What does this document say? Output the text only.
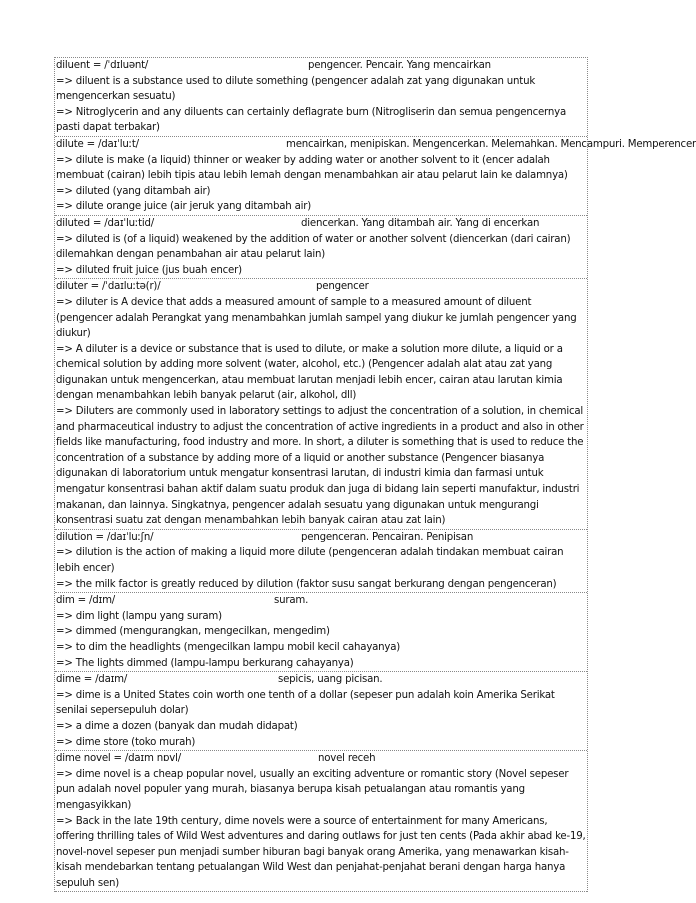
diluent = /ˈdɪluənt/	pengencer. Pencair. Yang mencairkan
=> diluent is a substance used to dilute something (pengencer adalah zat yang digunakan untuk mengencerkan sesuatu)
=> Nitroglycerin and any diluents can certainly deflagrate burn (Nitrogliserin dan semua pengencernya pasti dapat terbakar)
dilute = /daɪˈluːt/	mencairkan, menipiskan. Mengencerkan. Melemahkan. Mencampuri. Memperencer
=> dilute is make (a liquid) thinner or weaker by adding water or another solvent to it (encer adalah membuat (cairan) lebih tipis atau lebih lemah dengan menambahkan air atau pelarut lain ke dalamnya)
=> diluted (yang ditambah air)
=> dilute orange juice (air jeruk yang ditambah air)
diluted = /daɪˈluːtid/	diencerkan. Yang ditambah air. Yang di encerkan
=> diluted is (of a liquid) weakened by the addition of water or another solvent (diencerkan (dari cairan) dilemahkan dengan penambahan air atau pelarut lain)
=> diluted fruit juice (jus buah encer)
diluter = /ˈdaɪluːtə(r)/	pengencer
=> diluter is A device that adds a measured amount of sample to a measured amount of diluent (pengencer adalah Perangkat yang menambahkan jumlah sampel yang diukur ke jumlah pengencer yang diukur)
=> A diluter is a device or substance that is used to dilute, or make a solution more dilute, a liquid or a chemical solution by adding more solvent (water, alcohol, etc.) (Pengencer adalah alat atau zat yang digunakan untuk mengencerkan, atau membuat larutan menjadi lebih encer, cairan atau larutan kimia dengan menambahkan lebih banyak pelarut (air, alkohol, dll)
=> Diluters are commonly used in laboratory settings to adjust the concentration of a solution, in chemical and pharmaceutical industry to adjust the concentration of active ingredients in a product and also in other fields like manufacturing, food industry and more. In short, a diluter is something that is used to reduce the concentration of a substance by adding more of a liquid or another substance (Pengencer biasanya digunakan di laboratorium untuk mengatur konsentrasi larutan, di industri kimia dan farmasi untuk mengatur konsentrasi bahan aktif dalam suatu produk dan juga di bidang lain seperti manufaktur, industri makanan, dan lainnya. Singkatnya, pengencer adalah sesuatu yang digunakan untuk mengurangi konsentrasi suatu zat dengan menambahkan lebih banyak cairan atau zat lain)
dilution = /daɪˈluːʃn/	pengenceran. Pencairan. Penipisan
=> dilution is the action of making a liquid more dilute (pengenceran adalah tindakan membuat cairan lebih encer)
=> the milk factor is greatly reduced by dilution (faktor susu sangat berkurang dengan pengenceran)
dim = /dɪm/	suram.
=> dim light (lampu yang suram)
=> dimmed (mengurangkan, mengecilkan, mengedim)
=> to dim the headlights (mengecilkan lampu mobil kecil cahayanya)
=> The lights dimmed (lampu-lampu berkurang cahayanya)
dime = /daɪm/	sepicis, uang picisan.
=> dime is a United States coin worth one tenth of a dollar (sepeser pun adalah koin Amerika Serikat senilai sepersepuluh dolar)
=> a dime a dozen (banyak dan mudah didapat)
=> dime store (toko murah)
dime novel = /daɪm nɒvl/	novel receh
=> dime novel is a cheap popular novel, usually an exciting adventure or romantic story (Novel sepeser pun adalah novel populer yang murah, biasanya berupa kisah petualangan atau romantis yang mengasyikkan)
=> Back in the late 19th century, dime novels were a source of entertainment for many Americans, offering thrilling tales of Wild West adventures and daring outlaws for just ten cents (Pada akhir abad ke-19, novel-novel sepeser pun menjadi sumber hiburan bagi banyak orang Amerika, yang menawarkan kisah-kisah mendebarkan tentang petualangan Wild West dan penjahat-penjahat berani dengan harga hanya sepuluh sen)
